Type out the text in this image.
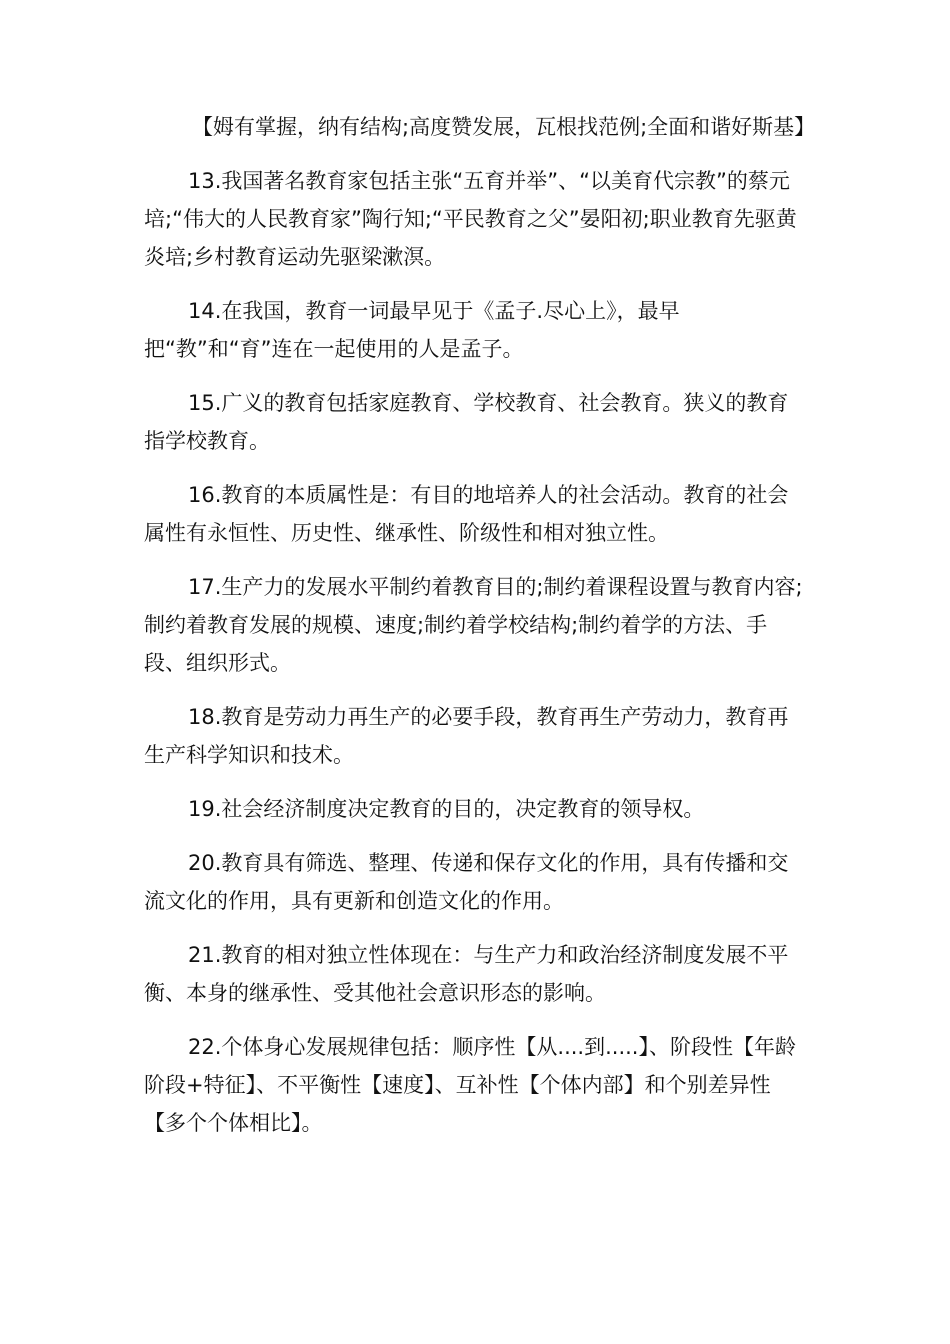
【姆有掌握，纳有结构;高度赞发展，瓦根找范例;全面和谐好斯基】

13.我国著名教育家包括主张“五育并举”、“以美育代宗教”的蔡元培;“伟大的人民教育家”陶行知;“平民教育之父”晏阳初;职业教育先驱黄炎培;乡村教育运动先驱梁漱溟。

14.在我国，教育一词最早见于《孟子.尽心上》，最早把“教”和“育”连在一起使用的人是孟子。

15.广义的教育包括家庭教育、学校教育、社会教育。狭义的教育指学校教育。

16.教育的本质属性是：有目的地培养人的社会活动。教育的社会属性有永恒性、历史性、继承性、阶级性和相对独立性。

17.生产力的发展水平制约着教育目的;制约着课程设置与教育内容;制约着教育发展的规模、速度;制约着学校结构;制约着学的方法、手段、组织形式。

18.教育是劳动力再生产的必要手段，教育再生产劳动力，教育再生产科学知识和技术。

19.社会经济制度决定教育的目的，决定教育的领导权。

20.教育具有筛选、整理、传递和保存文化的作用，具有传播和交流文化的作用，具有更新和创造文化的作用。

21.教育的相对独立性体现在：与生产力和政治经济制度发展不平衡、本身的继承性、受其他社会意识形态的影响。

22.个体身心发展规律包括：顺序性【从....到.....】、阶段性【年龄阶段+特征】、不平衡性【速度】、互补性【个体内部】和个别差异性【多个个体相比】。
